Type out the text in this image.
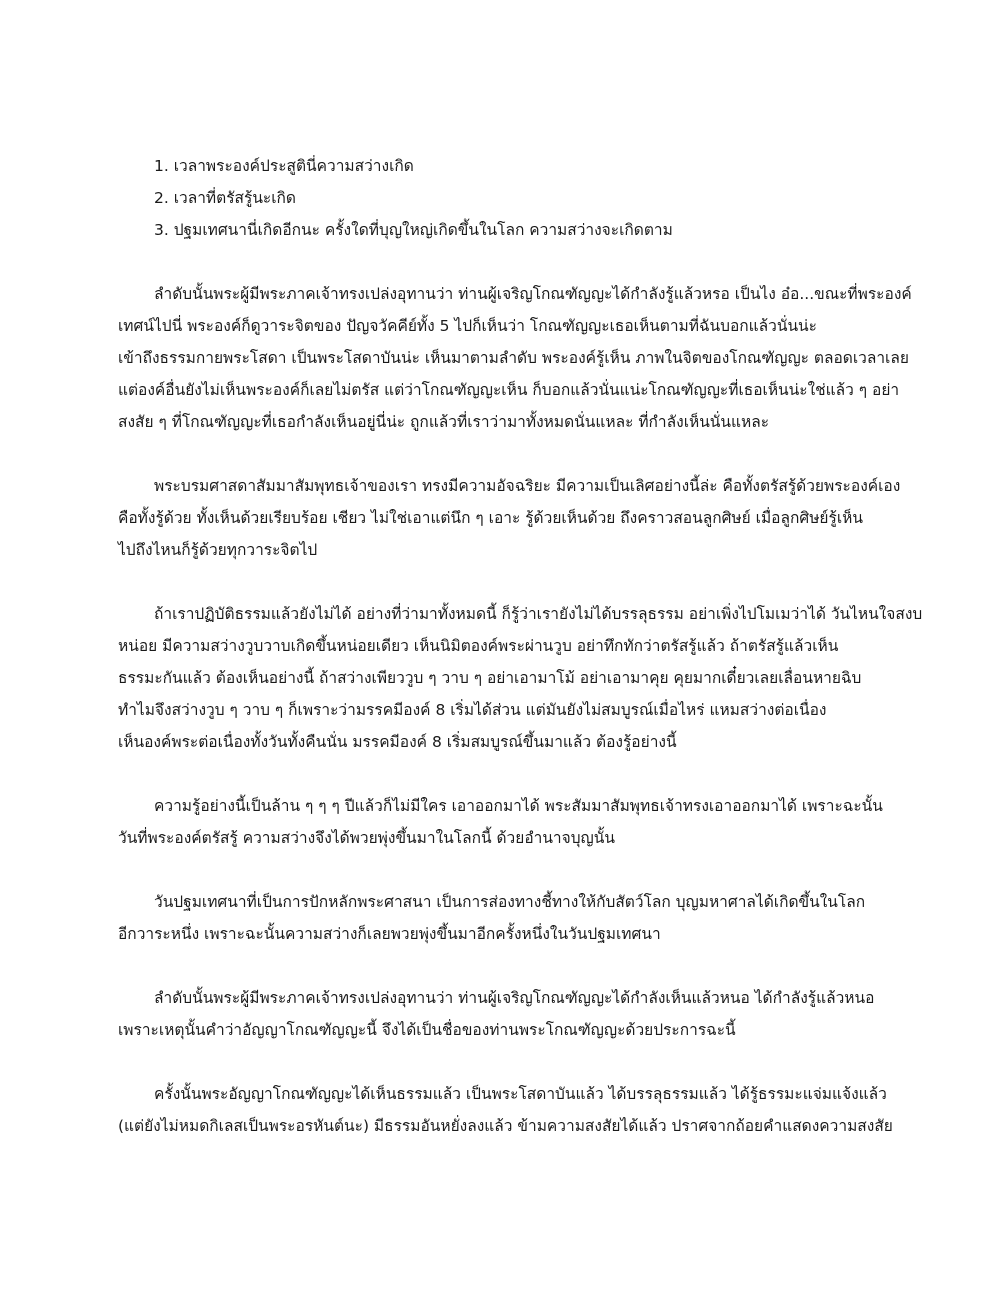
1. เวลาพระองค์ประสูตินี่ความสว่างเกิด
2. เวลาที่ตรัสรู้นะเกิด
3. ปฐมเทศนานี่เกิดอีกนะ ครั้งใดที่บุญใหญ่เกิดขึ้นในโลก ความสว่างจะเกิดตาม

ลำดับนั้นพระผู้มีพระภาคเจ้าทรงเปล่งอุทานว่า ท่านผู้เจริญโกณฑัญญะได้กำลังรู้แล้วหรอ เป็นไง อ๋อ...ขณะที่พระองค์
เทศน์ไปนี่ พระองค์ก็ดูวาระจิตของ ปัญจวัคคีย์ทั้ง 5 ไปก็เห็นว่า โกณฑัญญะเธอเห็นตามที่ฉันบอกแล้วนั่นน่ะ
เข้าถึงธรรมกายพระโสดา เป็นพระโสดาบันน่ะ เห็นมาตามลำดับ พระองค์รู้เห็น ภาพในจิตของโกณฑัญญะ ตลอดเวลาเลย
แต่องค์อื่นยังไม่เห็นพระองค์ก็เลยไม่ตรัส แต่ว่าโกณฑัญญะเห็น ก็บอกแล้วนั่นแน่ะโกณฑัญญะที่เธอเห็นน่ะใช่แล้ว ๆ อย่า
สงสัย ๆ ที่โกณฑัญญะที่เธอกำลังเห็นอยู่นี่น่ะ ถูกแล้วที่เราว่ามาทั้งหมดนั่นแหละ ที่กำลังเห็นนั่นแหละ

พระบรมศาสดาสัมมาสัมพุทธเจ้าของเรา ทรงมีความอัจฉริยะ มีความเป็นเลิศอย่างนี้ล่ะ คือทั้งตรัสรู้ด้วยพระองค์เอง
คือทั้งรู้ด้วย ทั้งเห็นด้วยเรียบร้อย เชียว ไม่ใช่เอาแต่นึก ๆ เอาะ รู้ด้วยเห็นด้วย ถึงคราวสอนลูกศิษย์ เมื่อลูกศิษย์รู้เห็น
ไปถึงไหนก็รู้ด้วยทุกวาระจิตไป

ถ้าเราปฏิบัติธรรมแล้วยังไม่ได้ อย่างที่ว่ามาทั้งหมดนี้ ก็รู้ว่าเรายังไม่ได้บรรลุธรรม อย่าเพิ่งไปโมเมว่าได้ วันไหนใจสงบ
หน่อย มีความสว่างวูบวาบเกิดขึ้นหน่อยเดียว เห็นนิมิตองค์พระผ่านวูบ อย่าทึกทักว่าตรัสรู้แล้ว ถ้าตรัสรู้แล้วเห็น
ธรรมะกันแล้ว ต้องเห็นอย่างนี้ ถ้าสว่างเพียววูบ ๆ วาบ ๆ อย่าเอามาโม้ อย่าเอามาคุย คุยมากเดี๋ยวเลยเลื่อนหายฉิบ
ทำไมจึงสว่างวูบ ๆ วาบ ๆ ก็เพราะว่ามรรคมีองค์ 8 เริ่มได้ส่วน แต่มันยังไม่สมบูรณ์เมื่อไหร่ แหมสว่างต่อเนื่อง
เห็นองค์พระต่อเนื่องทั้งวันทั้งคืนนั่น มรรคมีองค์ 8 เริ่มสมบูรณ์ขึ้นมาแล้ว ต้องรู้อย่างนี้

ความรู้อย่างนี้เป็นล้าน ๆ ๆ ๆ ปีแล้วก็ไม่มีใคร เอาออกมาได้ พระสัมมาสัมพุทธเจ้าทรงเอาออกมาได้ เพราะฉะนั้น
วันที่พระองค์ตรัสรู้ ความสว่างจึงได้พวยพุ่งขึ้นมาในโลกนี้ ด้วยอำนาจบุญนั้น

วันปฐมเทศนาที่เป็นการปักหลักพระศาสนา เป็นการส่องทางชี้ทางให้กับสัตว์โลก บุญมหาศาลได้เกิดขึ้นในโลก
อีกวาระหนึ่ง เพราะฉะนั้นความสว่างก็เลยพวยพุ่งขึ้นมาอีกครั้งหนึ่งในวันปฐมเทศนา

ลำดับนั้นพระผู้มีพระภาคเจ้าทรงเปล่งอุทานว่า ท่านผู้เจริญโกณฑัญญะได้กำลังเห็นแล้วหนอ ได้กำลังรู้แล้วหนอ
เพราะเหตุนั้นคำว่าอัญญาโกณฑัญญะนี้ จึงได้เป็นชื่อของท่านพระโกณฑัญญะด้วยประการฉะนี้

ครั้งนั้นพระอัญญาโกณฑัญญะได้เห็นธรรมแล้ว เป็นพระโสดาบันแล้ว ได้บรรลุธรรมแล้ว ได้รู้ธรรมะแจ่มแจ้งแล้ว
(แต่ยังไม่หมดกิเลสเป็นพระอรหันต์นะ) มีธรรมอันหยั่งลงแล้ว ข้ามความสงสัยได้แล้ว ปราศจากถ้อยคำแสดงความสงสัย
